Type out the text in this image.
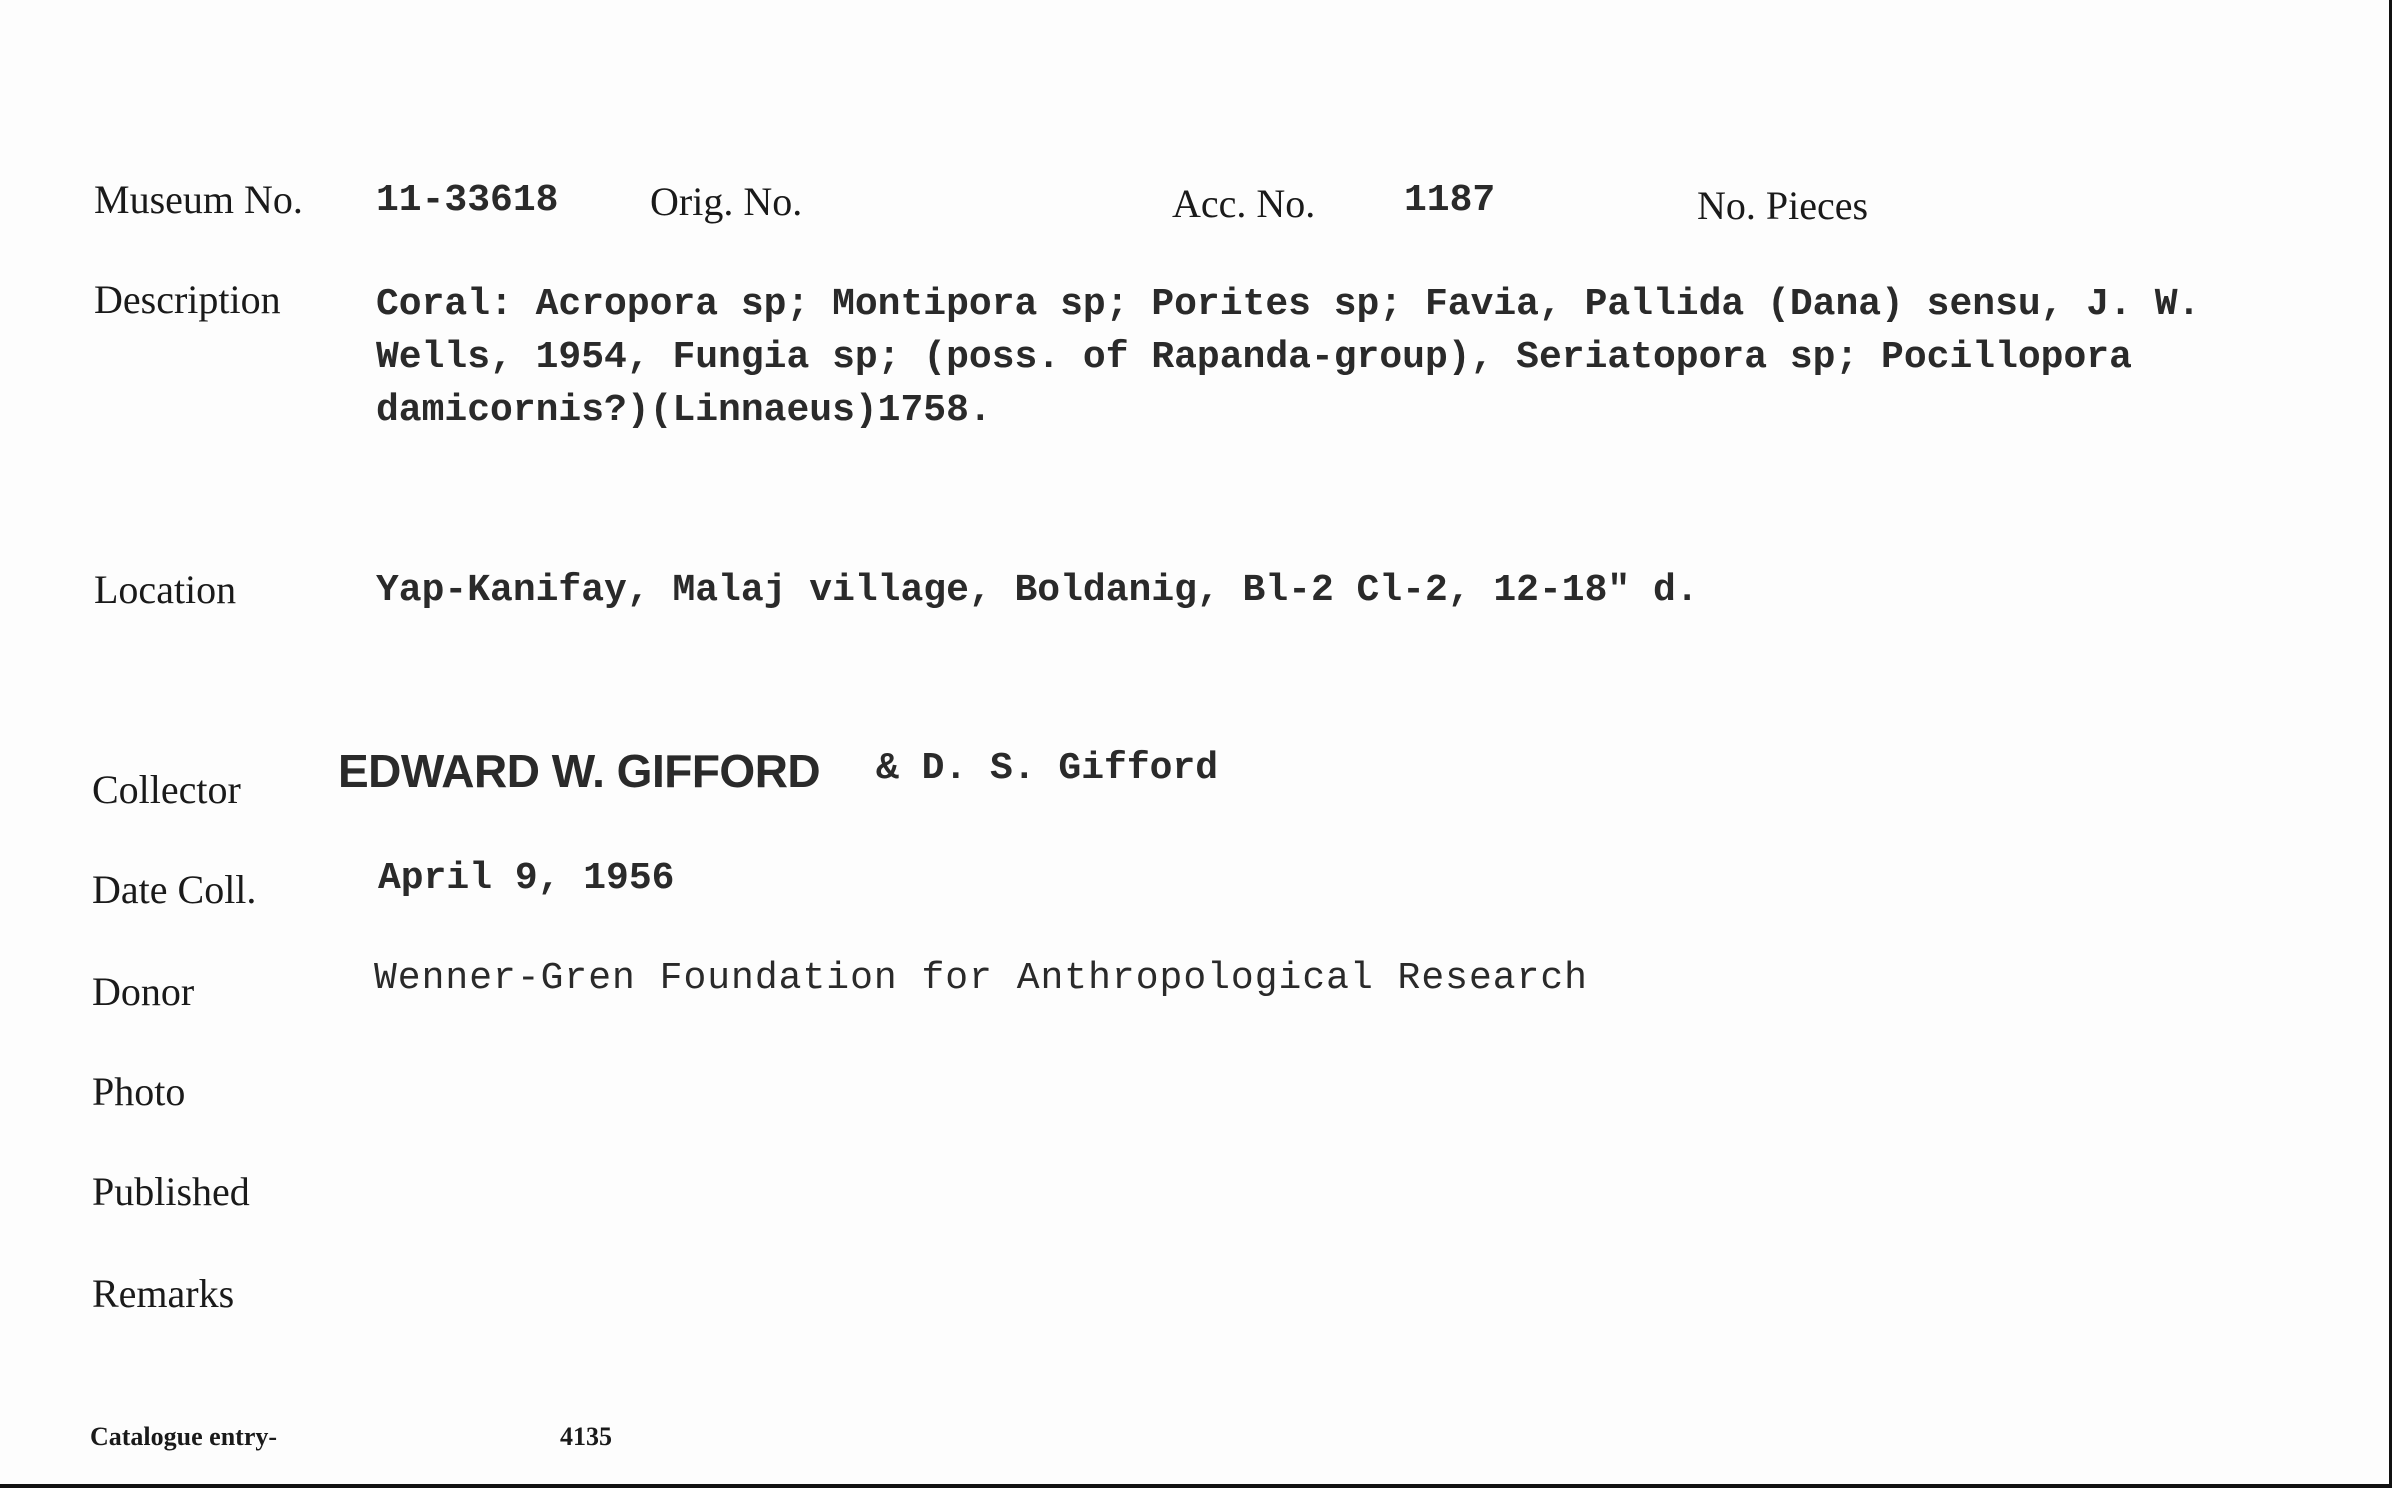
Museum No. 11-33618 Orig. No.	Acc. No. 1187	No. Pieces
Description	Coral: Acropora sp; Montipora sp; Porites sp; Favia, Pallida (Dana) sensu, J. W.
Wells, 1954, Fungia sp; (poss. of Rapanda-group), Seriatopora sp; Pocillopora
damicornis?)(Linnaeus)1758.
Location	Yap-Kanifay, Malaj village, Boldanig, Bl-2 Cl-2, 12-18" d.
Collector EDWARD W. GIFFORD & D. S. Gifford
Date Coll.	April 9, 1956
Donor	Wenner-Gren Foundation for Anthropological Research
Photo
Published
Remarks
Catalogue entry-	4135
